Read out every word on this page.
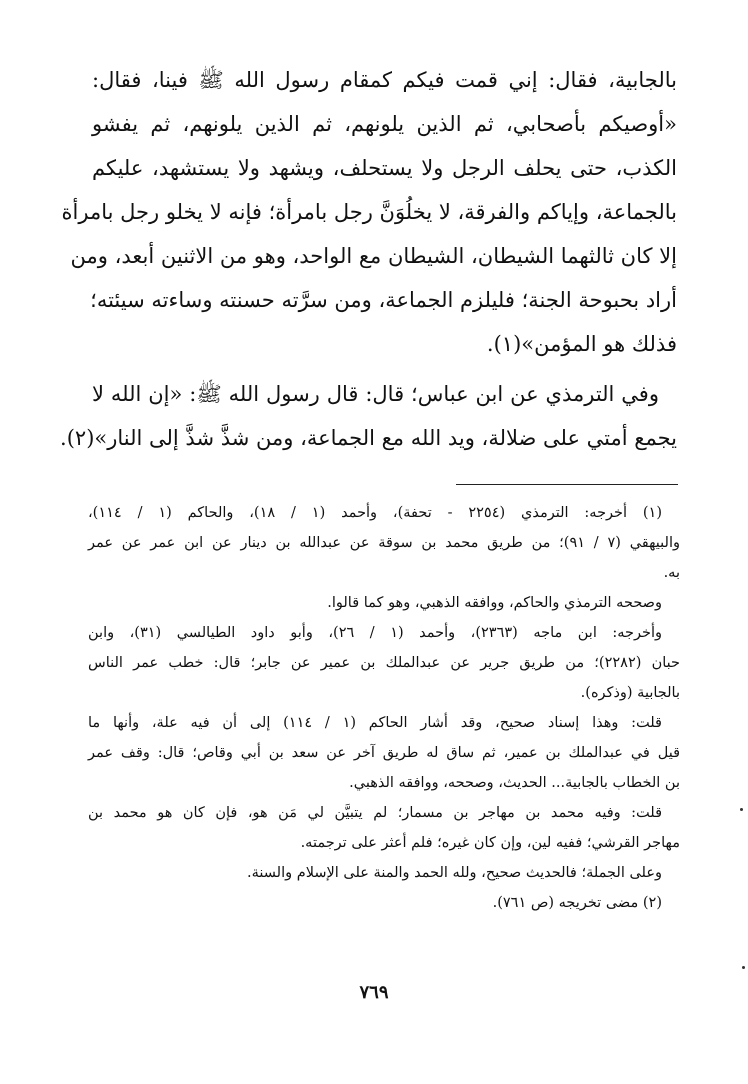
بالجابية، فقال: إني قمت فيكم كمقام رسول الله ﷺ فينا، فقال:
«أوصيكم بأصحابي، ثم الذين يلونهم، ثم الذين يلونهم، ثم يفشو
الكذب، حتى يحلف الرجل ولا يستحلف، ويشهد ولا يستشهد، عليكم
بالجماعة، وإياكم والفرقة، لا يخلُوَنَّ رجل بامرأة؛ فإنه لا يخلو رجل بامرأة
إلا كان ثالثهما الشيطان، الشيطان مع الواحد، وهو من الاثنين أبعد، ومن
أراد بحبوحة الجنة؛ فليلزم الجماعة، ومن سرَّته حسنته وساءته سيئته؛
فذلك هو المؤمن»(١).
وفي الترمذي عن ابن عباس؛ قال: قال رسول الله ﷺ: «إن الله لا
يجمع أمتي على ضلالة، ويد الله مع الجماعة، ومن شذَّ شذَّ إلى النار»(٢).
(١) أخرجه: الترمذي (٢٢٥٤ - تحفة)، وأحمد (١ / ١٨)، والحاكم (١ / ١١٤)،
والبيهقي (٧ / ٩١)؛ من طريق محمد بن سوقة عن عبدالله بن دينار عن ابن عمر عن عمر
به.
وصححه الترمذي والحاكم، ووافقه الذهبي، وهو كما قالوا.
وأخرجه: ابن ماجه (٢٣٦٣)، وأحمد (١ / ٢٦)، وأبو داود الطيالسي (٣١)، وابن
حبان (٢٢٨٢)؛ من طريق جرير عن عبدالملك بن عمير عن جابر؛ قال: خطب عمر الناس
بالجابية (وذكره).
قلت: وهذا إسناد صحيح، وقد أشار الحاكم (١ / ١١٤) إلى أن فيه علة، وأنها ما
قيل في عبدالملك بن عمير، ثم ساق له طريق آخر عن سعد بن أبي وقاص؛ قال: وقف عمر
بن الخطاب بالجابية... الحديث، وصححه، ووافقه الذهبي.
قلت: وفيه محمد بن مهاجر بن مسمار؛ لم يتبيَّن لي مَن هو، فإن كان هو محمد بن
مهاجر القرشي؛ ففيه لين، وإن كان غيره؛ فلم أعثر على ترجمته.
وعلى الجملة؛ فالحديث صحيح، ولله الحمد والمنة على الإسلام والسنة.
(٢) مضى تخريجه (ص ٧٦١).
٧٦٩
